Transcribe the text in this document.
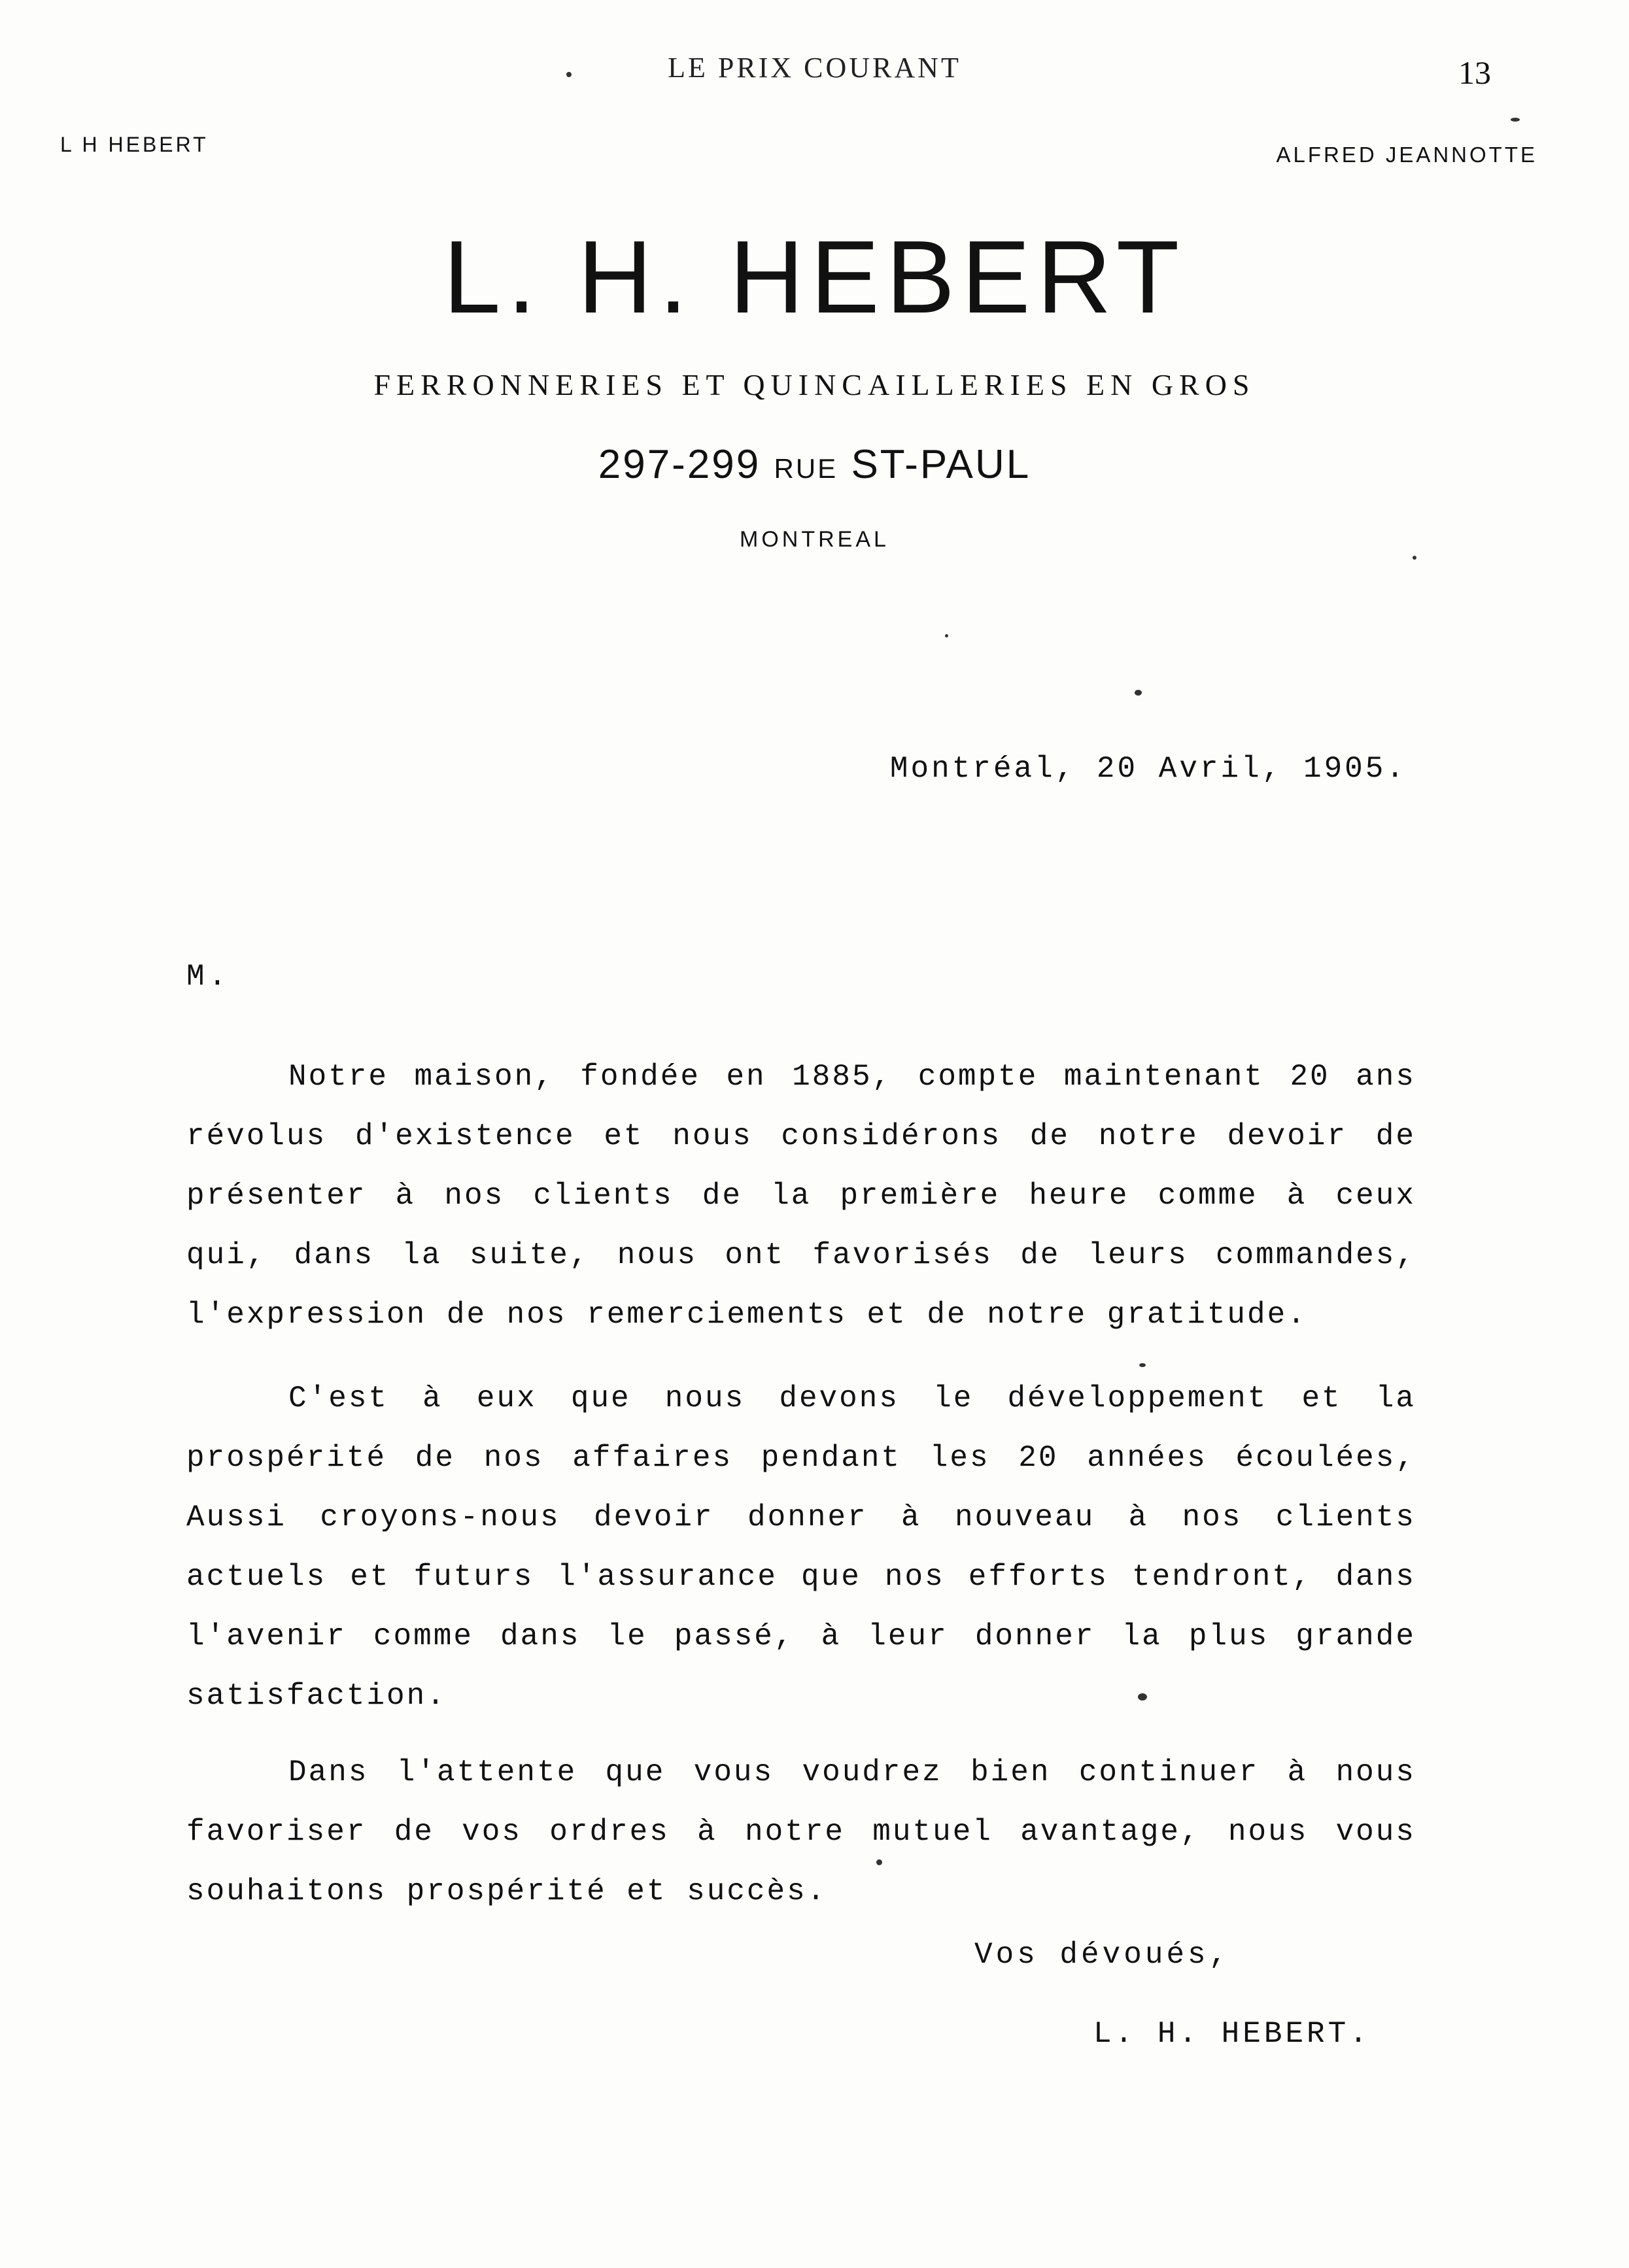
LE PRIX COURANT	13
L H HEBERT	ALFRED JEANNOTTE
L. H. HEBERT
FERRONNERIES ET QUINCAILLERIES EN GROS
297-299 RUE ST-PAUL
MONTREAL
Montréal, 20 Avril, 1905.
M.

Notre maison, fondée en 1885, compte maintenant 20 ans révolus d'existence et nous considérons de notre devoir de présenter à nos clients de la première heure comme à ceux qui, dans la suite, nous ont favorisés de leurs commandes, l'expression de nos remerciements et de notre gratitude.

C'est à eux que nous devons le développement et la prospérité de nos affaires pendant les 20 années écoulées, Aussi croyons-nous devoir donner à nouveau à nos clients actuels et futurs l'assurance que nos efforts tendront, dans l'avenir comme dans le passé, à leur donner la plus grande satisfaction.

Dans l'attente que vous voudrez bien continuer à nous favoriser de vos ordres à notre mutuel avantage, nous vous souhaitons prospérité et succès.

Vos dévoués,
L. H. HEBERT.
